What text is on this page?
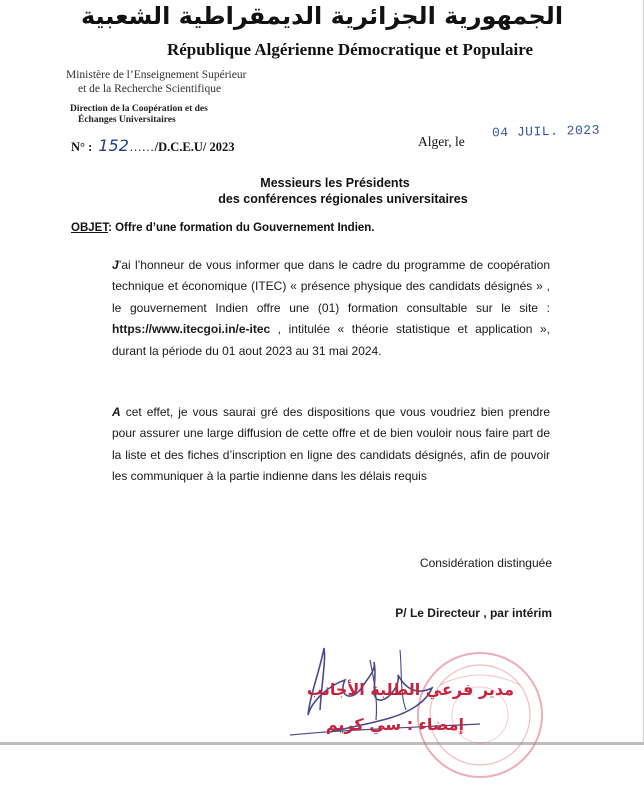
الجمهورية الجزائرية الديمقراطية الشعبية
République Algérienne Démocratique et Populaire
Ministère de l’Enseignement Supérieur
et de la Recherche Scientifique
Direction de la Coopération et des
Échanges Universitaires
N° : 152 ...... /D.C.E.U/ 2023	Alger, le
04 JUIL. 2023
Messieurs les Présidents
des conférences régionales universitaires
OBJET: Offre d’une formation du Gouvernement Indien.

J’ai l’honneur de vous informer que dans le cadre du programme de coopération technique et économique (ITEC) « présence physique des candidats désignés » , le gouvernement Indien offre une (01) formation consultable sur le site : https://www.itecgoi.in/e-itec , intitulée « théorie statistique et application », durant la période du 01 aout 2023 au 31 mai 2024.

A cet effet, je vous saurai gré des dispositions que vous voudriez bien prendre pour assurer une large diffusion de cette offre et de bien vouloir nous faire part de la liste et des fiches d’inscription en ligne des candidats désignés, afin de pouvoir les communiquer à la partie indienne dans les délais requis

Considération distinguée
P/ Le Directeur , par intérim
مدير فرعي الطلبة الأجانب
إمضاء : سي كريم
